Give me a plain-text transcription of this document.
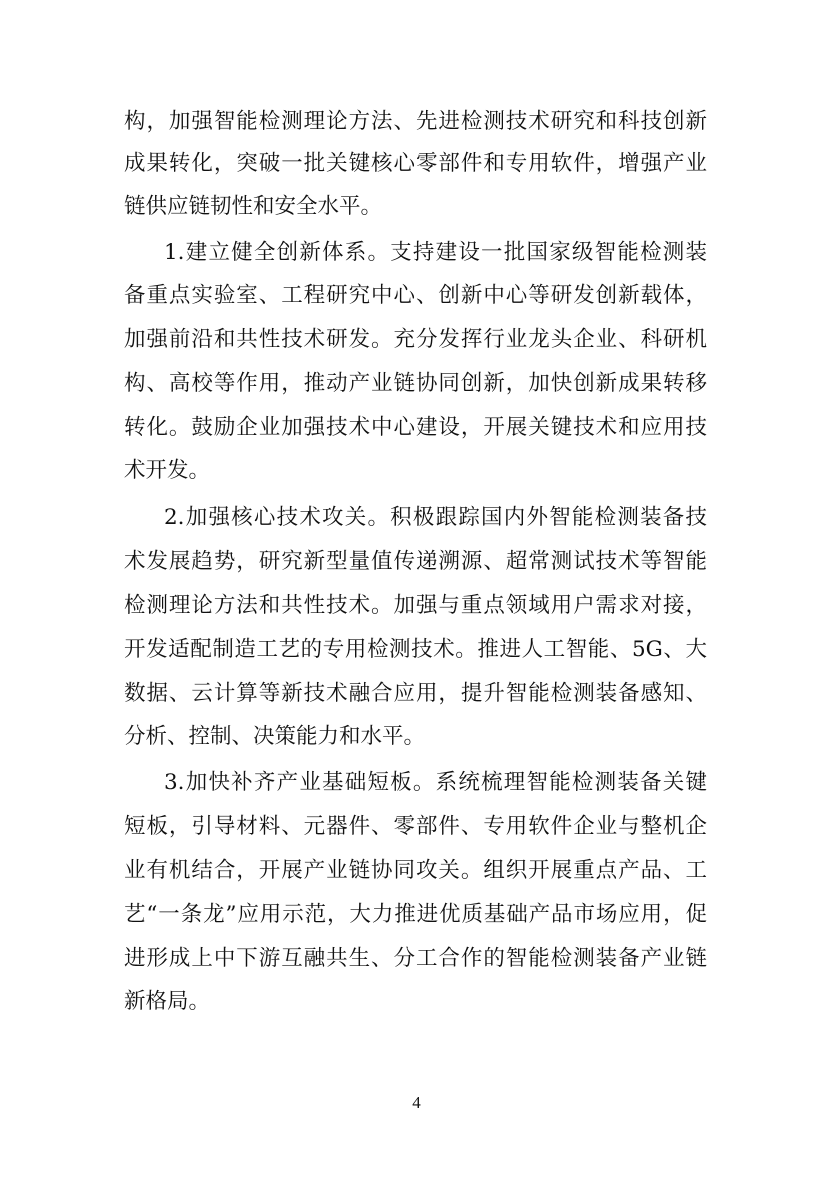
构，加强智能检测理论方法、先进检测技术研究和科技创新
成果转化，突破一批关键核心零部件和专用软件，增强产业
链供应链韧性和安全水平。
1.建立健全创新体系。支持建设一批国家级智能检测装
备重点实验室、工程研究中心、创新中心等研发创新载体，
加强前沿和共性技术研发。充分发挥行业龙头企业、科研机
构、高校等作用，推动产业链协同创新，加快创新成果转移
转化。鼓励企业加强技术中心建设，开展关键技术和应用技
术开发。
2.加强核心技术攻关。积极跟踪国内外智能检测装备技
术发展趋势，研究新型量值传递溯源、超常测试技术等智能
检测理论方法和共性技术。加强与重点领域用户需求对接，
开发适配制造工艺的专用检测技术。推进人工智能、5G、大
数据、云计算等新技术融合应用，提升智能检测装备感知、
分析、控制、决策能力和水平。
3.加快补齐产业基础短板。系统梳理智能检测装备关键
短板，引导材料、元器件、零部件、专用软件企业与整机企
业有机结合，开展产业链协同攻关。组织开展重点产品、工
艺“一条龙”应用示范，大力推进优质基础产品市场应用，促
进形成上中下游互融共生、分工合作的智能检测装备产业链
新格局。
4
